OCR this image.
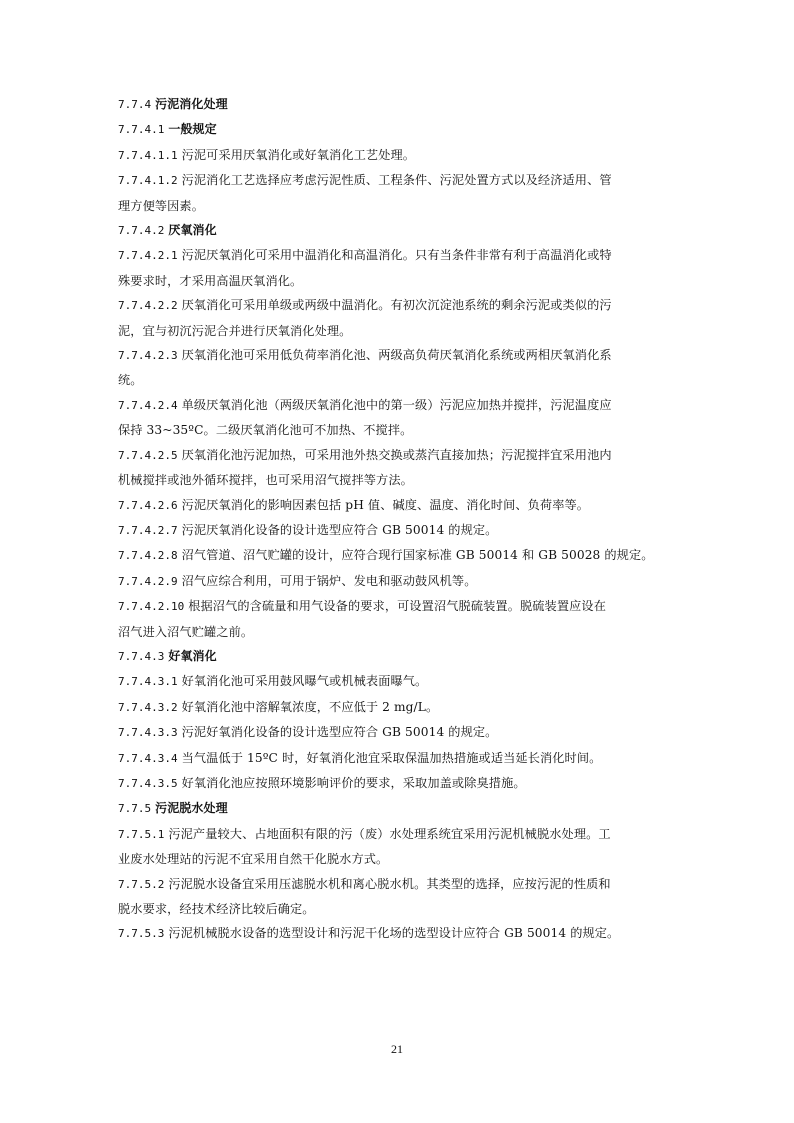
7.7.4 污泥消化处理
7.7.4.1 一般规定
7.7.4.1.1 污泥可采用厌氧消化或好氧消化工艺处理。
7.7.4.1.2 污泥消化工艺选择应考虑污泥性质、工程条件、污泥处置方式以及经济适用、管
理方便等因素。
7.7.4.2 厌氧消化
7.7.4.2.1 污泥厌氧消化可采用中温消化和高温消化。只有当条件非常有利于高温消化或特
殊要求时，才采用高温厌氧消化。
7.7.4.2.2 厌氧消化可采用单级或两级中温消化。有初次沉淀池系统的剩余污泥或类似的污
泥，宜与初沉污泥合并进行厌氧消化处理。
7.7.4.2.3 厌氧消化池可采用低负荷率消化池、两级高负荷厌氧消化系统或两相厌氧消化系
统。
7.7.4.2.4 单级厌氧消化池（两级厌氧消化池中的第一级）污泥应加热并搅拌，污泥温度应
保持 33~35ºC。二级厌氧消化池可不加热、不搅拌。
7.7.4.2.5 厌氧消化池污泥加热，可采用池外热交换或蒸汽直接加热；污泥搅拌宜采用池内
机械搅拌或池外循环搅拌，也可采用沼气搅拌等方法。
7.7.4.2.6 污泥厌氧消化的影响因素包括 pH 值、碱度、温度、消化时间、负荷率等。
7.7.4.2.7 污泥厌氧消化设备的设计选型应符合 GB 50014 的规定。
7.7.4.2.8 沼气管道、沼气贮罐的设计，应符合现行国家标准 GB 50014 和 GB 50028 的规定。
7.7.4.2.9 沼气应综合利用，可用于锅炉、发电和驱动鼓风机等。
7.7.4.2.10 根据沼气的含硫量和用气设备的要求，可设置沼气脱硫装置。脱硫装置应设在
沼气进入沼气贮罐之前。
7.7.4.3 好氧消化
7.7.4.3.1 好氧消化池可采用鼓风曝气或机械表面曝气。
7.7.4.3.2 好氧消化池中溶解氧浓度，不应低于 2 mg/L。
7.7.4.3.3 污泥好氧消化设备的设计选型应符合 GB 50014 的规定。
7.7.4.3.4 当气温低于 15ºC 时，好氧消化池宜采取保温加热措施或适当延长消化时间。
7.7.4.3.5 好氧消化池应按照环境影响评价的要求，采取加盖或除臭措施。
7.7.5 污泥脱水处理
7.7.5.1 污泥产量较大、占地面积有限的污（废）水处理系统宜采用污泥机械脱水处理。工
业废水处理站的污泥不宜采用自然干化脱水方式。
7.7.5.2 污泥脱水设备宜采用压滤脱水机和离心脱水机。其类型的选择，应按污泥的性质和
脱水要求，经技术经济比较后确定。
7.7.5.3 污泥机械脱水设备的选型设计和污泥干化场的选型设计应符合 GB 50014 的规定。
21
